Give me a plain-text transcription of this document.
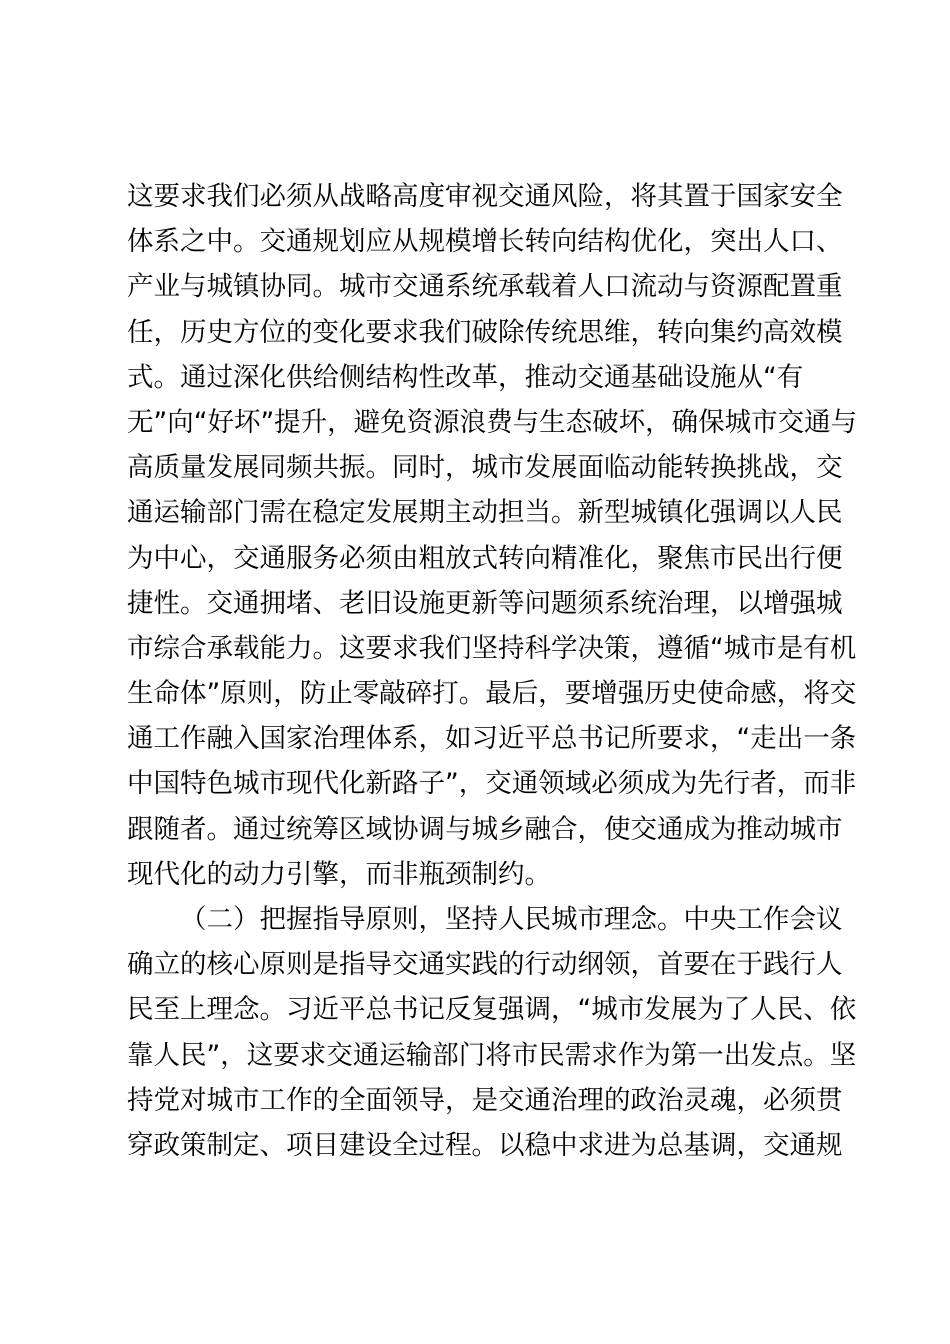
这要求我们必须从战略高度审视交通风险，将其置于国家安全
体系之中。交通规划应从规模增长转向结构优化，突出人口、
产业与城镇协同。城市交通系统承载着人口流动与资源配置重
任，历史方位的变化要求我们破除传统思维，转向集约高效模
式。通过深化供给侧结构性改革，推动交通基础设施从“有
无”向“好坏”提升，避免资源浪费与生态破坏，确保城市交通与
高质量发展同频共振。同时，城市发展面临动能转换挑战，交
通运输部门需在稳定发展期主动担当。新型城镇化强调以人民
为中心，交通服务必须由粗放式转向精准化，聚焦市民出行便
捷性。交通拥堵、老旧设施更新等问题须系统治理，以增强城
市综合承载能力。这要求我们坚持科学决策，遵循“城市是有机
生命体”原则，防止零敲碎打。最后，要增强历史使命感，将交
通工作融入国家治理体系，如习近平总书记所要求，“走出一条
中国特色城市现代化新路子”，交通领域必须成为先行者，而非
跟随者。通过统筹区域协调与城乡融合，使交通成为推动城市
现代化的动力引擎，而非瓶颈制约。
（二）把握指导原则，坚持人民城市理念。中央工作会议
确立的核心原则是指导交通实践的行动纲领，首要在于践行人
民至上理念。习近平总书记反复强调，“城市发展为了人民、依
靠人民”，这要求交通运输部门将市民需求作为第一出发点。坚
持党对城市工作的全面领导，是交通治理的政治灵魂，必须贯
穿政策制定、项目建设全过程。以稳中求进为总基调，交通规
